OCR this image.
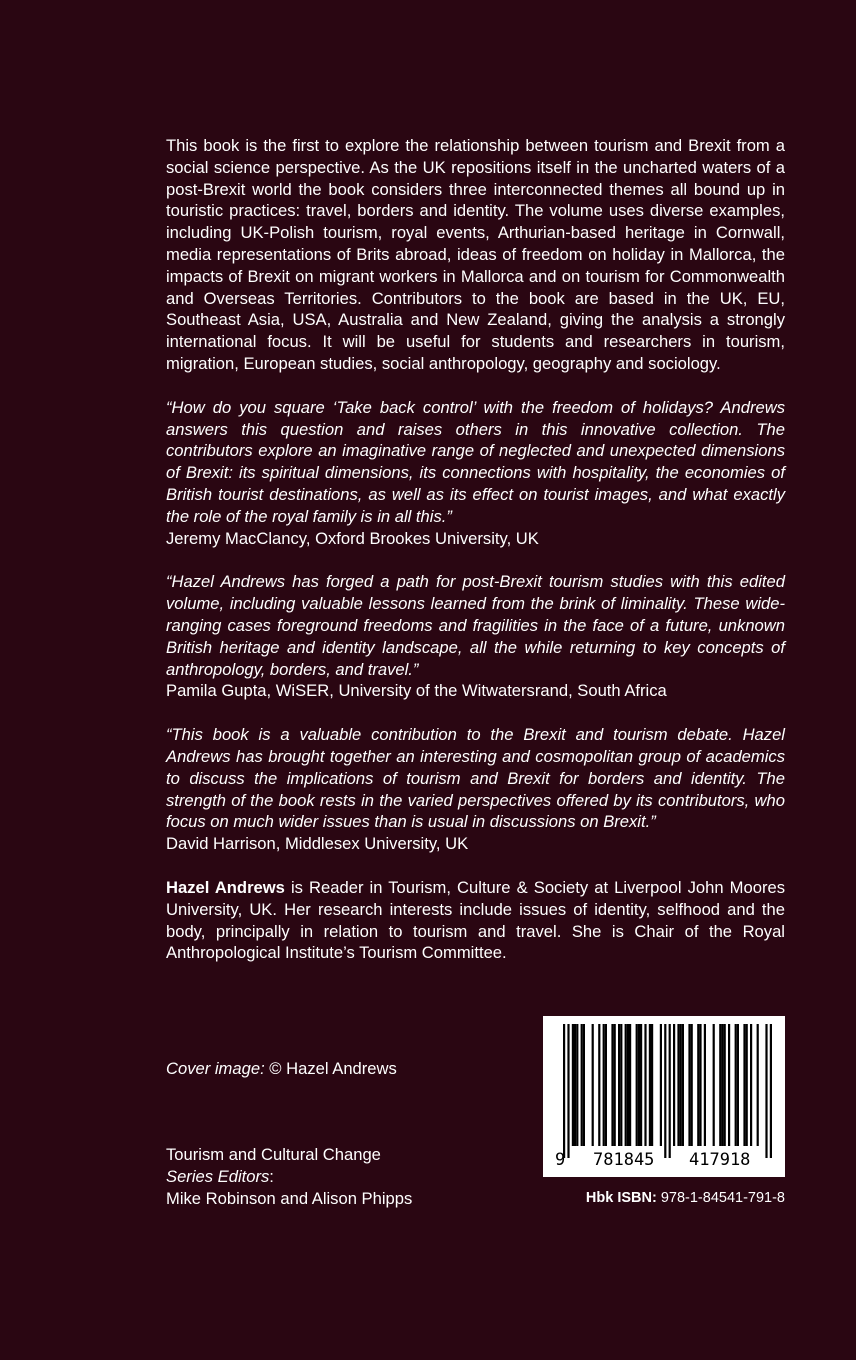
This book is the first to explore the relationship between tourism and Brexit from a social science perspective. As the UK repositions itself in the uncharted waters of a post-Brexit world the book considers three interconnected themes all bound up in touristic practices: travel, borders and identity. The volume uses diverse examples, including UK-Polish tourism, royal events, Arthurian-based heritage in Cornwall, media representations of Brits abroad, ideas of freedom on holiday in Mallorca, the impacts of Brexit on migrant workers in Mallorca and on tourism for Commonwealth and Overseas Territories. Contributors to the book are based in the UK, EU, Southeast Asia, USA, Australia and New Zealand, giving the analysis a strongly international focus. It will be useful for students and researchers in tourism, migration, European studies, social anthropology, geography and sociology.

“How do you square ‘Take back control’ with the freedom of holidays? Andrews answers this question and raises others in this innovative collection. The contributors explore an imaginative range of neglected and unexpected dimensions of Brexit: its spiritual dimensions, its connections with hospitality, the economies of British tourist destinations, as well as its effect on tourist images, and what exactly the role of the royal family is in all this.”

Jeremy MacClancy, Oxford Brookes University, UK

“Hazel Andrews has forged a path for post-Brexit tourism studies with this edited volume, including valuable lessons learned from the brink of liminality. These wide-ranging cases foreground freedoms and fragilities in the face of a future, unknown British heritage and identity landscape, all the while returning to key concepts of anthropology, borders, and travel.”

Pamila Gupta, WiSER, University of the Witwatersrand, South Africa

“This book is a valuable contribution to the Brexit and tourism debate. Hazel Andrews has brought together an interesting and cosmopolitan group of academics to discuss the implications of tourism and Brexit for borders and identity. The strength of the book rests in the varied perspectives offered by its contributors, who focus on much wider issues than is usual in discussions on Brexit.”

David Harrison, Middlesex University, UK

Hazel Andrews is Reader in Tourism, Culture & Society at Liverpool John Moores University, UK. Her research interests include issues of identity, selfhood and the body, principally in relation to tourism and travel. She is Chair of the Royal Anthropological Institute’s Tourism Committee.

Cover image: © Hazel Andrews
Tourism and Cultural Change
Series Editors:
Mike Robinson and Alison Phipps
9 781845 417918
Hbk ISBN: 978-1-84541-791-8
